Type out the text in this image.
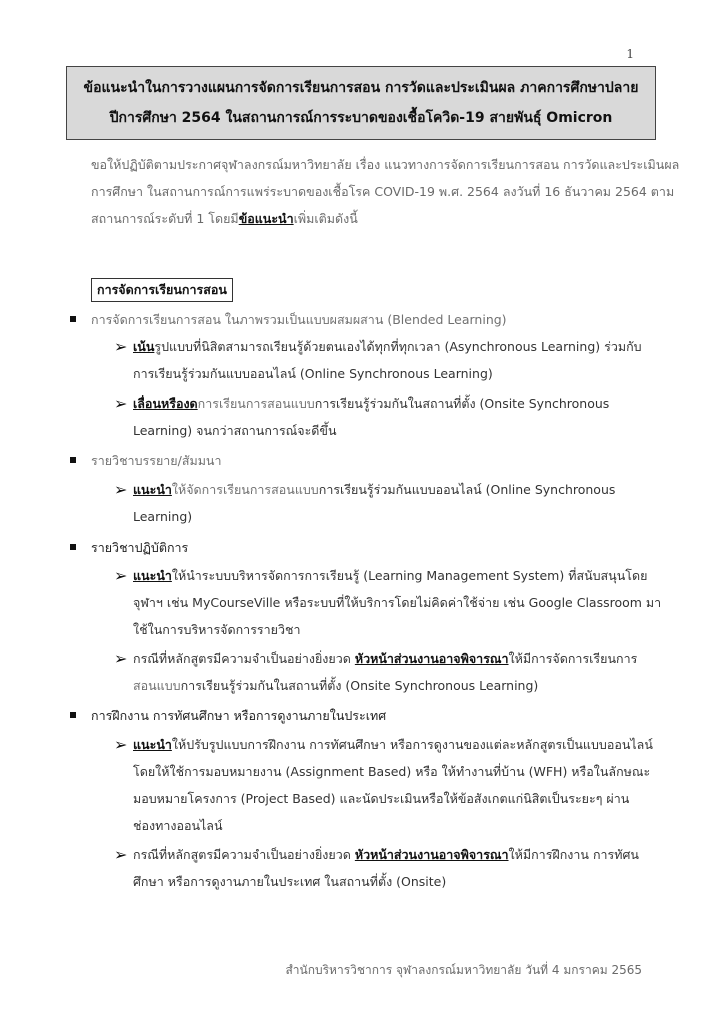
1
ข้อแนะนำในการวางแผนการจัดการเรียนการสอน การวัดและประเมินผล ภาคการศึกษาปลาย
ปีการศึกษา 2564 ในสถานการณ์การระบาดของเชื้อโควิด-19 สายพันธุ์ Omicron
ขอให้ปฏิบัติตามประกาศจุฬาลงกรณ์มหาวิทยาลัย เรื่อง แนวทางการจัดการเรียนการสอน การวัดและประเมินผล
การศึกษา ในสถานการณ์การแพร่ระบาดของเชื้อโรค COVID-19 พ.ศ. 2564 ลงวันที่ 16 ธันวาคม 2564 ตาม
สถานการณ์ระดับที่ 1 โดยมีข้อแนะนำเพิ่มเติมดังนี้
การจัดการเรียนการสอน
การจัดการเรียนการสอน ในภาพรวมเป็นแบบผสมผสาน (Blended Learning)
➢ เน้นรูปแบบที่นิสิตสามารถเรียนรู้ด้วยตนเองได้ทุกที่ทุกเวลา (Asynchronous Learning) ร่วมกับ
การเรียนรู้ร่วมกันแบบออนไลน์ (Online Synchronous Learning)
➢ เลื่อนหรืองดการเรียนการสอนแบบการเรียนรู้ร่วมกันในสถานที่ตั้ง (Onsite Synchronous
Learning) จนกว่าสถานการณ์จะดีขึ้น
รายวิชาบรรยาย/สัมมนา
➢ แนะนำให้จัดการเรียนการสอนแบบการเรียนรู้ร่วมกันแบบออนไลน์ (Online Synchronous
Learning)
รายวิชาปฏิบัติการ
➢ แนะนำให้นำระบบบริหารจัดการการเรียนรู้ (Learning Management System) ที่สนับสนุนโดย
จุฬาฯ เช่น MyCourseVille หรือระบบที่ให้บริการโดยไม่คิดค่าใช้จ่าย เช่น Google Classroom มา
ใช้ในการบริหารจัดการรายวิชา
➢ กรณีที่หลักสูตรมีความจำเป็นอย่างยิ่งยวด หัวหน้าส่วนงานอาจพิจารณาให้มีการจัดการเรียนการ
สอนแบบการเรียนรู้ร่วมกันในสถานที่ตั้ง (Onsite Synchronous Learning)
การฝึกงาน การทัศนศึกษา หรือการดูงานภายในประเทศ
➢ แนะนำให้ปรับรูปแบบการฝึกงาน การทัศนศึกษา หรือการดูงานของแต่ละหลักสูตรเป็นแบบออนไลน์
โดยให้ใช้การมอบหมายงาน (Assignment Based) หรือ ให้ทำงานที่บ้าน (WFH) หรือในลักษณะ
มอบหมายโครงการ (Project Based) และนัดประเมินหรือให้ข้อสังเกตแก่นิสิตเป็นระยะๆ ผ่าน
ช่องทางออนไลน์
➢ กรณีที่หลักสูตรมีความจำเป็นอย่างยิ่งยวด หัวหน้าส่วนงานอาจพิจารณาให้มีการฝึกงาน การทัศน
ศึกษา หรือการดูงานภายในประเทศ ในสถานที่ตั้ง (Onsite)
สำนักบริหารวิชาการ จุฬาลงกรณ์มหาวิทยาลัย วันที่ 4 มกราคม 2565
